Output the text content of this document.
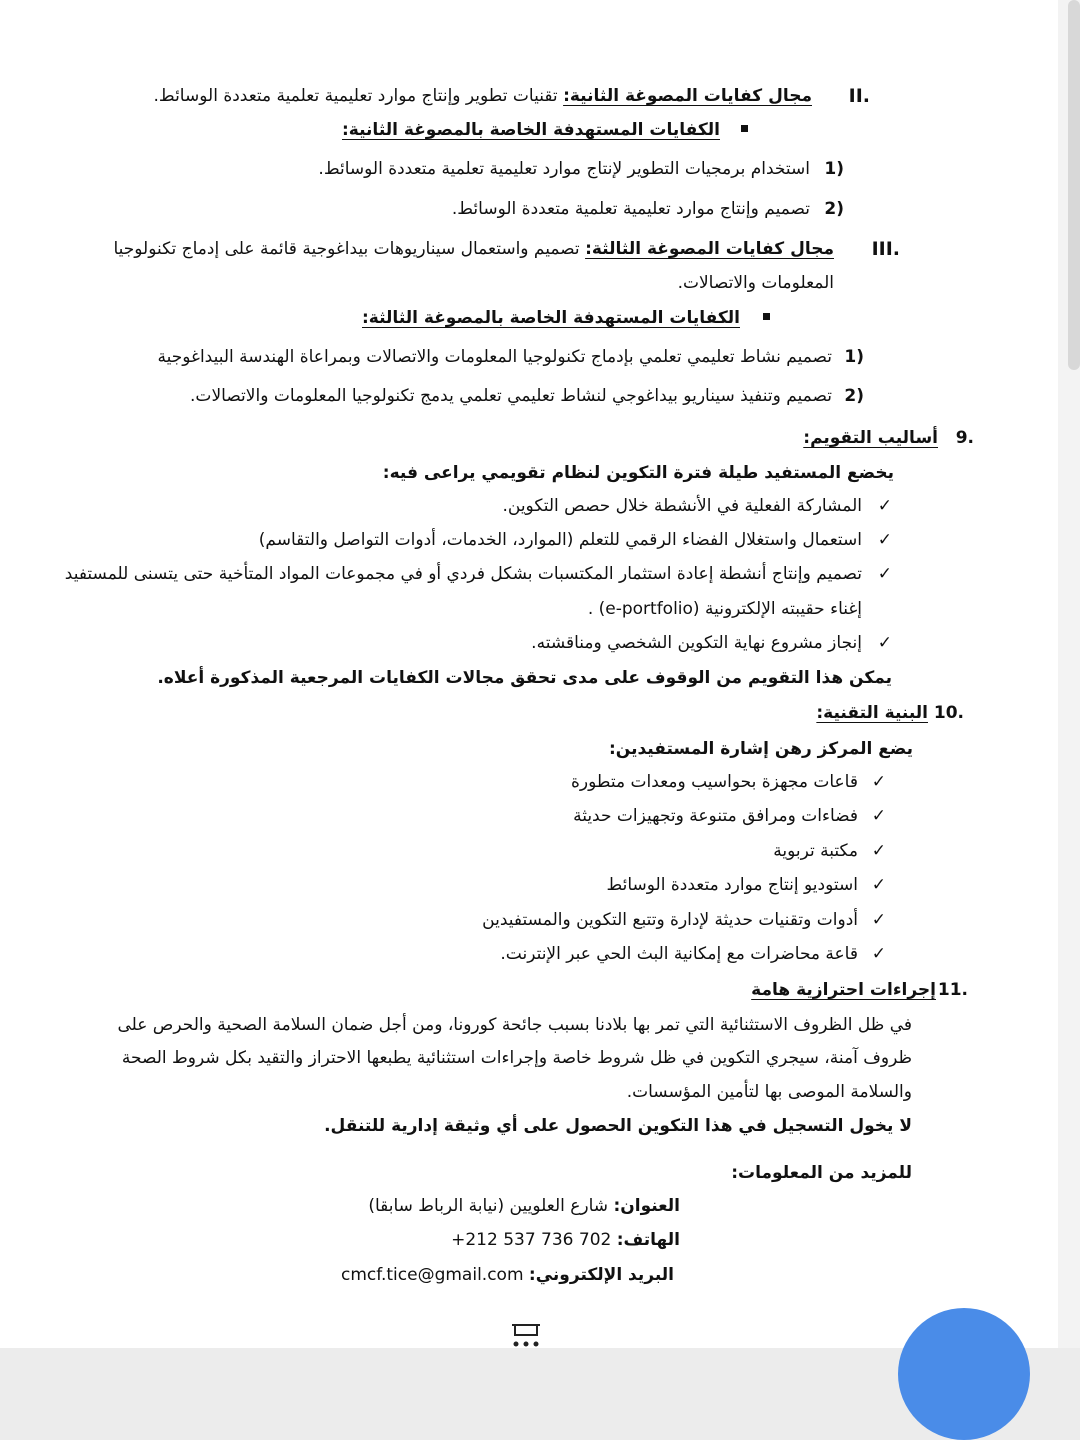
II.
مجال كفايات المصوغة الثانية: تقنيات تطوير وإنتاج موارد تعليمية تعلمية متعددة الوسائط.
الكفايات المستهدفة الخاصة بالمصوغة الثانية:
1)
استخدام برمجيات التطوير لإنتاج موارد تعليمية تعلمية متعددة الوسائط.
2)
تصميم وإنتاج موارد تعليمية تعلمية متعددة الوسائط.
III.
مجال كفايات المصوغة الثالثة: تصميم واستعمال سيناريوهات بيداغوجية قائمة على إدماج تكنولوجيا
المعلومات والاتصالات.
الكفايات المستهدفة الخاصة بالمصوغة الثالثة:
1)
تصميم نشاط تعليمي تعلمي بإدماج تكنولوجيا المعلومات والاتصالات وبمراعاة الهندسة البيداغوجية
2)
تصميم وتنفيذ سيناريو بيداغوجي لنشاط تعليمي تعلمي يدمج تكنولوجيا المعلومات والاتصالات.
9.
أساليب التقويم:
يخضع المستفيد طيلة فترة التكوين لنظام تقويمي يراعى فيه:
✓
المشاركة الفعلية في الأنشطة خلال حصص التكوين.
✓
استعمال واستغلال الفضاء الرقمي للتعلم (الموارد، الخدمات، أدوات التواصل والتقاسم)
✓
تصميم وإنتاج أنشطة إعادة استثمار المكتسبات بشكل فردي أو في مجموعات المواد المتأخية حتى يتسنى للمستفيد
إغناء حقيبته الإلكترونية (e-portfolio) .
✓
إنجاز مشروع نهاية التكوين الشخصي ومناقشته.
يمكن هذا التقويم من الوقوف على مدى تحقق مجالات الكفايات المرجعية المذكورة أعلاه.
10.
البنية التقنية:
يضع المركز رهن إشارة المستفيدين:
✓
قاعات مجهزة بحواسيب ومعدات متطورة
✓
فضاءات ومرافق متنوعة وتجهيزات حديثة
✓
مكتبة تربوية
✓
استوديو إنتاج موارد متعددة الوسائط
✓
أدوات وتقنيات حديثة لإدارة وتتبع التكوين والمستفيدين
✓
قاعة محاضرات مع إمكانية البث الحي عبر الإنترنت.
11.
إجراءات احترازية هامة
في ظل الظروف الاستثنائية التي تمر بها بلادنا بسبب جائحة كورونا، ومن أجل ضمان السلامة الصحية والحرص على
ظروف آمنة، سيجري التكوين في ظل شروط خاصة وإجراءات استثنائية يطبعها الاحتراز والتقيد بكل شروط الصحة
والسلامة الموصى بها لتأمين المؤسسات.
لا يخول التسجيل في هذا التكوين الحصول على أي وثيقة إدارية للتنقل.
للمزيد من المعلومات:
العنوان: شارع العلويين (نيابة الرباط سابقا)
الهاتف: +212 537 736 702
البريد الإلكتروني: cmcf.tice@gmail.com
